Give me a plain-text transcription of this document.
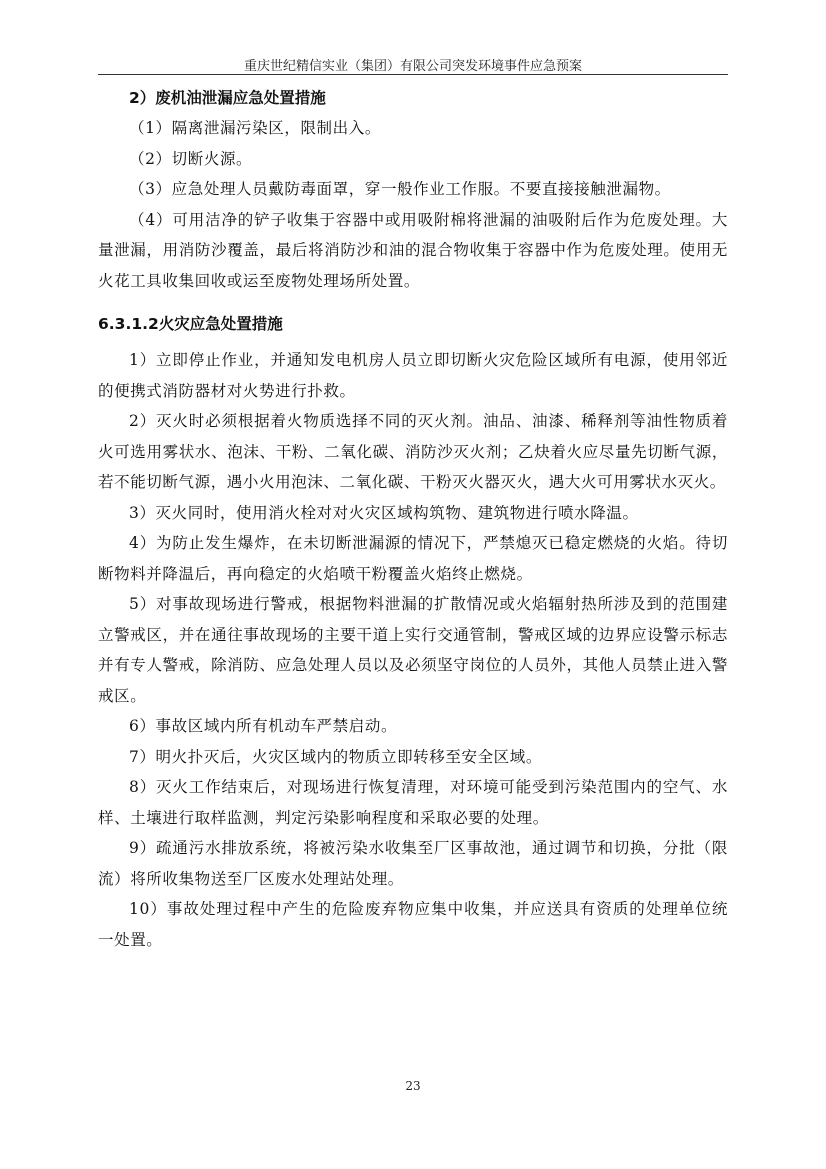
重庆世纪精信实业（集团）有限公司突发环境事件应急预案

2）废机油泄漏应急处置措施

（1）隔离泄漏污染区，限制出入。

（2）切断火源。

（3）应急处理人员戴防毒面罩，穿一般作业工作服。不要直接接触泄漏物。

（4）可用洁净的铲子收集于容器中或用吸附棉将泄漏的油吸附后作为危废处理。大量泄漏，用消防沙覆盖，最后将消防沙和油的混合物收集于容器中作为危废处理。使用无火花工具收集回收或运至废物处理场所处置。

6.3.1.2火灾应急处置措施

1）立即停止作业，并通知发电机房人员立即切断火灾危险区域所有电源，使用邻近的便携式消防器材对火势进行扑救。

2）灭火时必须根据着火物质选择不同的灭火剂。油品、油漆、稀释剂等油性物质着火可选用雾状水、泡沫、干粉、二氧化碳、消防沙灭火剂；乙炔着火应尽量先切断气源，若不能切断气源，遇小火用泡沫、二氧化碳、干粉灭火器灭火，遇大火可用雾状水灭火。

3）灭火同时，使用消火栓对对火灾区域构筑物、建筑物进行喷水降温。

4）为防止发生爆炸，在未切断泄漏源的情况下，严禁熄灭已稳定燃烧的火焰。待切断物料并降温后，再向稳定的火焰喷干粉覆盖火焰终止燃烧。

5）对事故现场进行警戒，根据物料泄漏的扩散情况或火焰辐射热所涉及到的范围建立警戒区，并在通往事故现场的主要干道上实行交通管制，警戒区域的边界应设警示标志并有专人警戒，除消防、应急处理人员以及必须坚守岗位的人员外，其他人员禁止进入警戒区。

6）事故区域内所有机动车严禁启动。

7）明火扑灭后，火灾区域内的物质立即转移至安全区域。

8）灭火工作结束后，对现场进行恢复清理，对环境可能受到污染范围内的空气、水样、土壤进行取样监测，判定污染影响程度和采取必要的处理。

9）疏通污水排放系统，将被污染水收集至厂区事故池，通过调节和切换，分批（限流）将所收集物送至厂区废水处理站处理。

10）事故处理过程中产生的危险废弃物应集中收集，并应送具有资质的处理单位统一处置。

23
